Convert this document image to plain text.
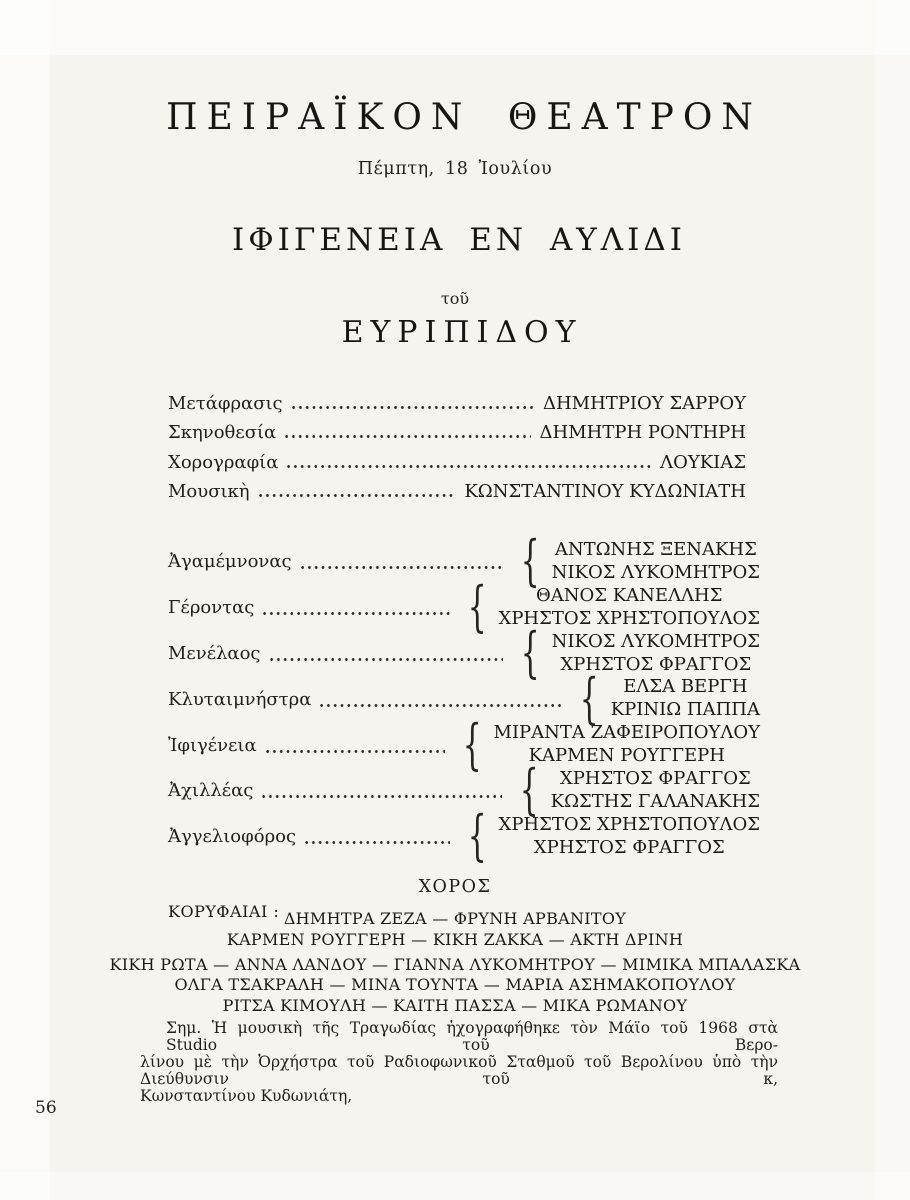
ΠΕΙΡΑΪΚΟΝ ΘΕΑΤΡΟΝ
Πέμπτη, 18 Ἰουλίου
ΙΦΙΓΕΝΕΙΑ ΕΝ ΑΥΛΙΔΙ
τοῦ
ΕΥΡΙΠΙΔΟΥ
Μετάφρασις	ΔΗΜΗΤΡΙΟΥ ΣΑΡΡΟΥ
Σκηνοθεσία	ΔΗΜΗΤΡΗ ΡΟΝΤΗΡΗ
Χορογραφία	ΛΟΥΚΙΑΣ
Μουσικὴ	ΚΩΝΣΤΑΝΤΙΝΟΥ ΚΥΔΩΝΙΑΤΗ
Ἀγαμέμνονας	{ ΑΝΤΩΝΗΣ ΞΕΝΑΚΗΣ
ΝΙΚΟΣ ΛΥΚΟΜΗΤΡΟΣ
Γέροντας	{	ΘΑΝΟΣ ΚΑΝΕΛΛΗΣ
ΧΡΗΣΤΟΣ ΧΡΗΣΤΟΠΟΥΛΟΣ
Μενέλαος	{ ΝΙΚΟΣ ΛΥΚΟΜΗΤΡΟΣ
ΧΡΗΣΤΟΣ ΦΡΑΓΓΟΣ
Κλυταιμνήστρα	{	ΕΛΣΑ ΒΕΡΓΗ
ΚΡΙΝΙΩ ΠΑΠΠΑ
Ἰφιγένεια	{ ΜΙΡΑΝΤΑ ΖΑΦΕΙΡΟΠΟΥΛΟΥ
ΚΑΡΜΕΝ ΡΟΥΓΓΕΡΗ
Ἀχιλλέας	{	ΧΡΗΣΤΟΣ ΦΡΑΓΓΟΣ
ΚΩΣΤΗΣ ΓΑΛΑΝΑΚΗΣ
Ἀγγελιοφόρος	{ ΧΡΗΣΤΟΣ ΧΡΗΣΤΟΠΟΥΛΟΣ
ΧΡΗΣΤΟΣ ΦΡΑΓΓΟΣ
ΧΟΡΟΣ
ΚΟΡΥΦΑΙΑΙ : ΔΗΜΗΤΡΑ ΖΕΖΑ — ΦΡΥΝΗ ΑΡΒΑΝΙΤΟΥ
ΚΑΡΜΕΝ ΡΟΥΓΓΕΡΗ — ΚΙΚΗ ΖΑΚΚΑ — ΑΚΤΗ ΔΡΙΝΗ
ΚΙΚΗ ΡΩΤΑ — ΑΝΝΑ ΛΑΝΔΟΥ — ΓΙΑΝΝΑ ΛΥΚΟΜΗΤΡΟΥ — ΜΙΜΙΚΑ ΜΠΑΛΑΣΚΑ
ΟΛΓΑ ΤΣΑΚΡΑΛΗ — ΜΙΝΑ ΤΟΥΝΤΑ — ΜΑΡΙΑ ΑΣΗΜΑΚΟΠΟΥΛΟΥ
ΡΙΤΣΑ ΚΙΜΟΥΛΗ — ΚΑΙΤΗ ΠΑΣΣΑ — ΜΙΚΑ ΡΩΜΑΝΟΥ
Σημ. Ἡ μουσικὴ τῆς Τραγωδίας ἠχογραφήθηκε τὸν Μάϊο τοῦ 1968 στὰ Studio τοῦ Βερο-
λίνου μὲ τὴν Ὀρχήστρα τοῦ Ραδιοφωνικοῦ Σταθμοῦ τοῦ Βερολίνου ὑπὸ τὴν Διεύθυνσιν τοῦ κ,
Κωνσταντίνου Κυδωνιάτη,
56
